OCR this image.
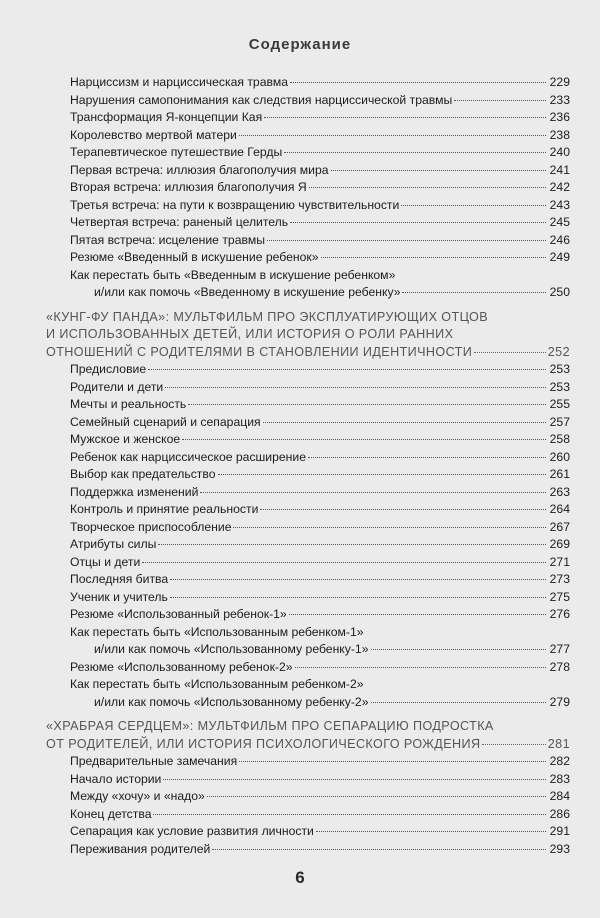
Содержание
Нарциссизм и нарциссическая травма	229
Нарушения самопонимания как следствия нарциссической травмы	233
Трансформация Я-концепции Кая	236
Королевство мертвой матери	238
Терапевтическое путешествие Герды	240
Первая встреча: иллюзия благополучия мира	241
Вторая встреча: иллюзия благополучия Я	242
Третья встреча: на пути к возвращению чувствительности	243
Четвертая встреча: раненый целитель	245
Пятая встреча: исцеление травмы	246
Резюме «Введенный в искушение ребенок»	249
Как перестать быть «Введенным в искушение ребенком»
и/или как помочь «Введенному в искушение ребенку»	250
«КУНГ-ФУ ПАНДА»: МУЛЬТФИЛЬМ ПРО ЭКСПЛУАТИРУЮЩИХ ОТЦОВ
И ИСПОЛЬЗОВАННЫХ ДЕТЕЙ, ИЛИ ИСТОРИЯ О РОЛИ РАННИХ
ОТНОШЕНИЙ С РОДИТЕЛЯМИ В СТАНОВЛЕНИИ ИДЕНТИЧНОСТИ	252
Предисловие	253
Родители и дети	253
Мечты и реальность	255
Семейный сценарий и сепарация	257
Мужское и женское	258
Ребенок как нарциссическое расширение	260
Выбор как предательство	261
Поддержка изменений	263
Контроль и принятие реальности	264
Творческое приспособление	267
Атрибуты силы	269
Отцы и дети	271
Последняя битва	273
Ученик и учитель	275
Резюме «Использованный ребенок-1»	276
Как перестать быть «Использованным ребенком-1»
и/или как помочь «Использованному ребенку-1»	277
Резюме «Использованному ребенок-2»	278
Как перестать быть «Использованным ребенком-2»
и/или как помочь «Использованному ребенку-2»	279
«ХРАБРАЯ СЕРДЦЕМ»: МУЛЬТФИЛЬМ ПРО СЕПАРАЦИЮ ПОДРОСТКА
ОТ РОДИТЕЛЕЙ, ИЛИ ИСТОРИЯ ПСИХОЛОГИЧЕСКОГО РОЖДЕНИЯ	281
Предварительные замечания	282
Начало истории	283
Между «хочу» и «надо»	284
Конец детства	286
Сепарация как условие развития личности	291
Переживания родителей	293
6
